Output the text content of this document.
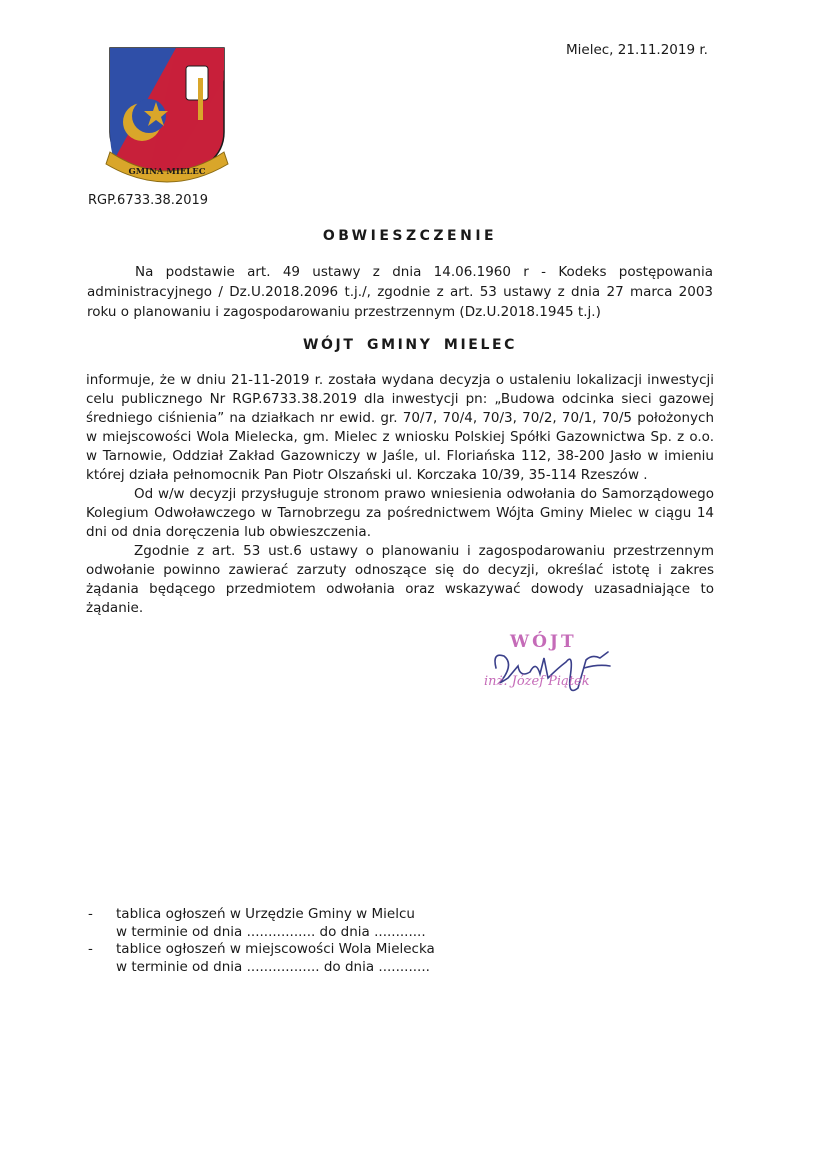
GMINA MIELEC
Mielec, 21.11.2019 r.
RGP.6733.38.2019
OBWIESZCZENIE

Na podstawie art. 49 ustawy z dnia 14.06.1960 r - Kodeks postępowania administracyjnego / Dz.U.2018.2096 t.j./, zgodnie z art. 53 ustawy z dnia 27 marca 2003 roku o planowaniu i zagospodarowaniu przestrzennym (Dz.U.2018.1945 t.j.)

WÓJT GMINY MIELEC

informuje, że w dniu 21-11-2019 r. została wydana decyzja o ustaleniu lokalizacji inwestycji celu publicznego Nr RGP.6733.38.2019 dla inwestycji pn: „Budowa odcinka sieci gazowej średniego ciśnienia” na działkach nr ewid. gr. 70/7, 70/4, 70/3, 70/2, 70/1, 70/5 położonych w miejscowości Wola Mielecka, gm. Mielec z wniosku Polskiej Spółki Gazownictwa Sp. z o.o. w Tarnowie, Oddział Zakład Gazowniczy w Jaśle, ul. Floriańska 112, 38-200 Jasło w imieniu której działa pełnomocnik Pan Piotr Olszański ul. Korczaka 10/39, 35-114 Rzeszów .

Od w/w decyzji przysługuje stronom prawo wniesienia odwołania do Samorządowego Kolegium Odwoławczego w Tarnobrzegu za pośrednictwem Wójta Gminy Mielec w ciągu 14 dni od dnia doręczenia lub obwieszczenia.

Zgodnie z art. 53 ust.6 ustawy o planowaniu i zagospodarowaniu przestrzennym odwołanie powinno zawierać zarzuty odnoszące się do decyzji, określać istotę i zakres żądania będącego przedmiotem odwołania oraz wskazywać dowody uzasadniające to żądanie.

WÓJT
inż. Józef Piątek
-	tablica ogłoszeń w Urzędzie Gminy w Mielcu
w terminie od dnia ................ do dnia ............
-	tablice ogłoszeń w miejscowości Wola Mielecka
w terminie od dnia ................. do dnia ............
